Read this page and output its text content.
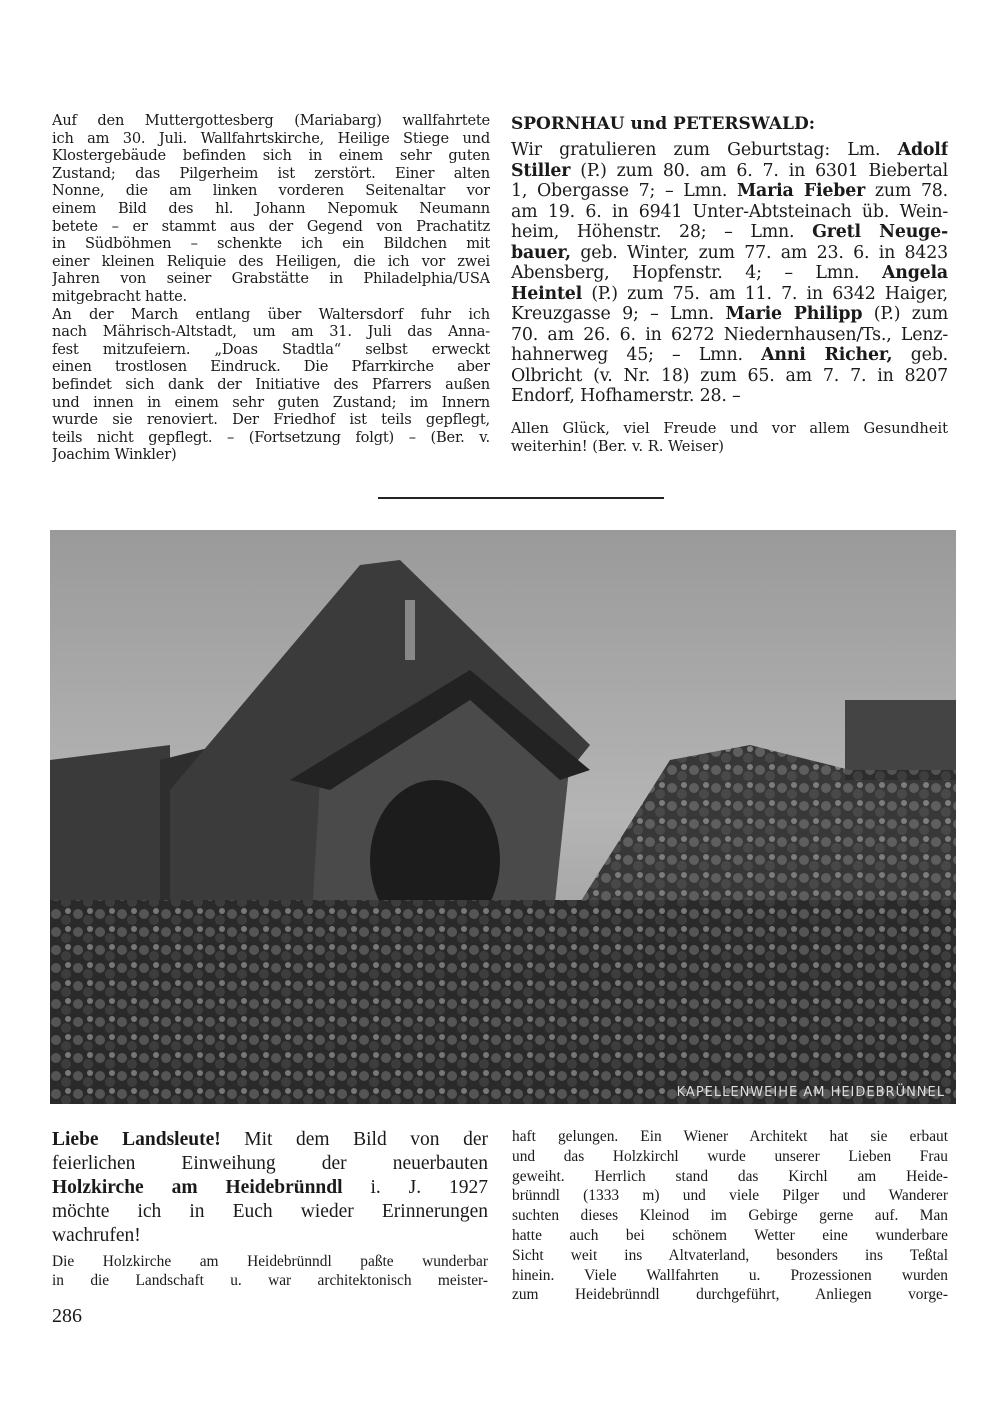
Auf den Muttergottesberg (Mariabarg) wallfahrtete
ich am 30. Juli. Wallfahrtskirche, Heilige Stiege und
Klostergebäude befinden sich in einem sehr guten
Zustand; das Pilgerheim ist zerstört. Einer alten
Nonne, die am linken vorderen Seitenaltar vor
einem Bild des hl. Johann Nepomuk Neumann
betete – er stammt aus der Gegend von Prachatitz
in Südböhmen – schenkte ich ein Bildchen mit
einer kleinen Reliquie des Heiligen, die ich vor zwei
Jahren von seiner Grabstätte in Philadelphia/USA
mitgebracht hatte.
An der March entlang über Waltersdorf fuhr ich
nach Mährisch-Altstadt, um am 31. Juli das Anna-
fest mitzufeiern. „Doas Stadtla“ selbst erweckt
einen trostlosen Eindruck. Die Pfarrkirche aber
befindet sich dank der Initiative des Pfarrers außen
und innen in einem sehr guten Zustand; im Innern
wurde sie renoviert. Der Friedhof ist teils gepflegt,
teils nicht gepflegt. – (Fortsetzung folgt) – (Ber. v.
Joachim Winkler)
SPORNHAU und PETERSWALD:
Wir gratulieren zum Geburtstag: Lm. Adolf
Stiller (P.) zum 80. am 6. 7. in 6301 Biebertal
1, Obergasse 7; – Lmn. Maria Fieber zum 78.
am 19. 6. in 6941 Unter-Abtsteinach üb. Wein-
heim, Höhenstr. 28; – Lmn. Gretl Neuge-
bauer, geb. Winter, zum 77. am 23. 6. in 8423
Abensberg, Hopfenstr. 4; – Lmn. Angela
Heintel (P.) zum 75. am 11. 7. in 6342 Haiger,
Kreuzgasse 9; – Lmn. Marie Philipp (P.) zum
70. am 26. 6. in 6272 Niedernhausen/Ts., Lenz-
hahnerweg 45; – Lmn. Anni Richer, geb.
Olbricht (v. Nr. 18) zum 65. am 7. 7. in 8207
Endorf, Hofhamerstr. 28. –
Allen Glück, viel Freude und vor allem Gesundheit
weiterhin! (Ber. v. R. Weiser)
KAPELLENWEIHE AM HEIDEBRÜNNEL
Liebe Landsleute! Mit dem Bild von der
feierlichen Einweihung der neuerbauten
Holzkirche am Heidebrünndl i. J. 1927
möchte ich in Euch wieder Erinnerungen
wachrufen!
Die Holzkirche am Heidebrünndl paßte wunderbar
in die Landschaft u. war architektonisch meister-
haft gelungen. Ein Wiener Architekt hat sie erbaut
und das Holzkirchl wurde unserer Lieben Frau
geweiht. Herrlich stand das Kirchl am Heide-
brünndl (1333 m) und viele Pilger und Wanderer
suchten dieses Kleinod im Gebirge gerne auf. Man
hatte auch bei schönem Wetter eine wunderbare
Sicht weit ins Altvaterland, besonders ins Teßtal
hinein. Viele Wallfahrten u. Prozessionen wurden
zum Heidebrünndl durchgeführt, Anliegen vorge-
286
